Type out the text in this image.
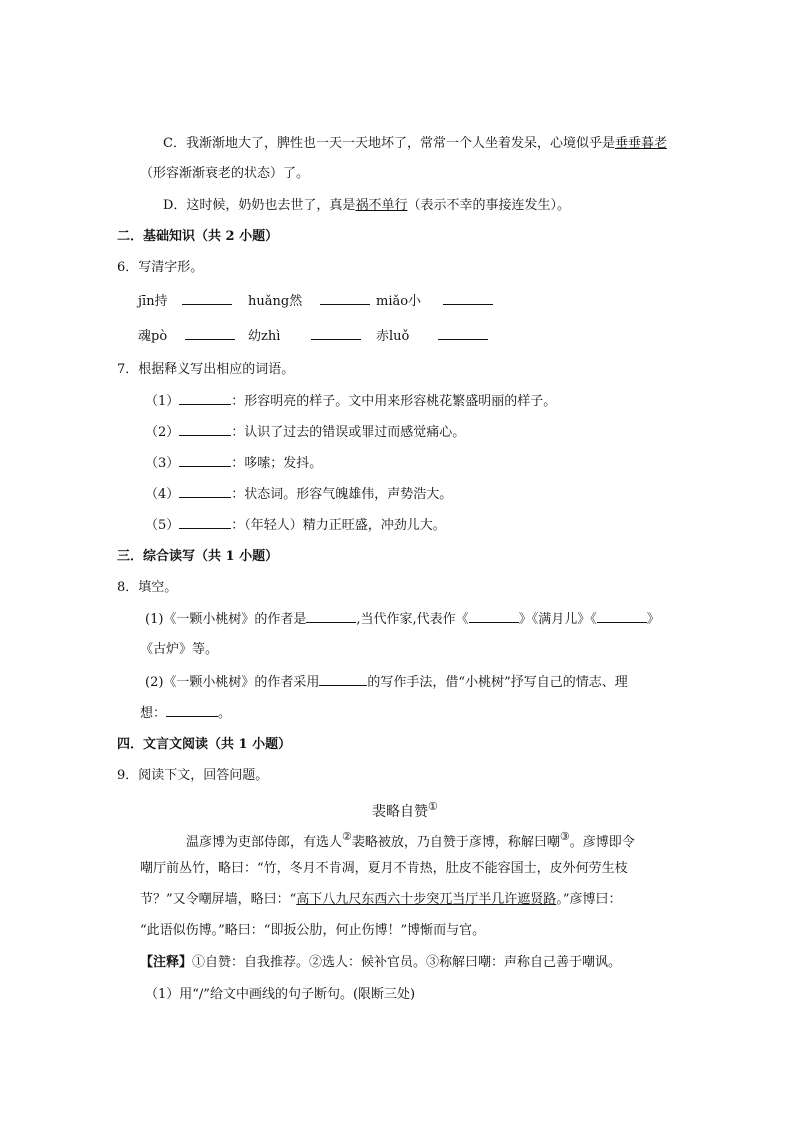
C．我渐渐地大了，脾性也一天一天地坏了，常常一个人坐着发呆，心境似乎是垂垂暮老
（形容渐渐衰老的状态）了。
D．这时候，奶奶也去世了，真是祸不单行（表示不幸的事接连发生）。
二．基础知识（共 2 小题）
6．写清字形。
jīn持	huǎng然	miǎo小
魂pò	幼zhì	赤luǒ
7．根据释义写出相应的词语。
（1）	：形容明亮的样子。文中用来形容桃花繁盛明丽的样子。
（2）	：认识了过去的错误或罪过而感觉痛心。
（3）	：哆嗦；发抖。
（4）	：状态词。形容气魄雄伟，声势浩大。
（5）	：（年轻人）精力正旺盛，冲劲儿大。
三．综合读写（共 1 小题）
8．填空。
(1)《一颗小桃树》的作者是	,当代作家,代表作《	》《满月儿》《	》
《古炉》等。
(2)《一颗小桃树》的作者采用	的写作手法，借“小桃树”抒写自己的情志、理
想：	。
四．文言文阅读（共 1 小题）
9．阅读下文，回答问题。
裴略自赞①
温彦博为吏部侍郎，有选人②裴略被放，乃自赞于彦博，称解曰嘲③。彦博即令
嘲厅前丛竹，略曰：“竹，冬月不肯凋，夏月不肯热，肚皮不能容国士，皮外何劳生枝
节？”又令嘲屏墙，略曰：“高下八九尺东西六十步突兀当厅半几许遮贤路。”彦博曰：
“此语似伤博。”略曰：“即扳公肋，何止伤博！”博惭而与官。
【注释】①自赞：自我推荐。②选人：候补官员。③称解曰嘲：声称自己善于嘲讽。
（1）用“/”给文中画线的句子断句。(限断三处)
